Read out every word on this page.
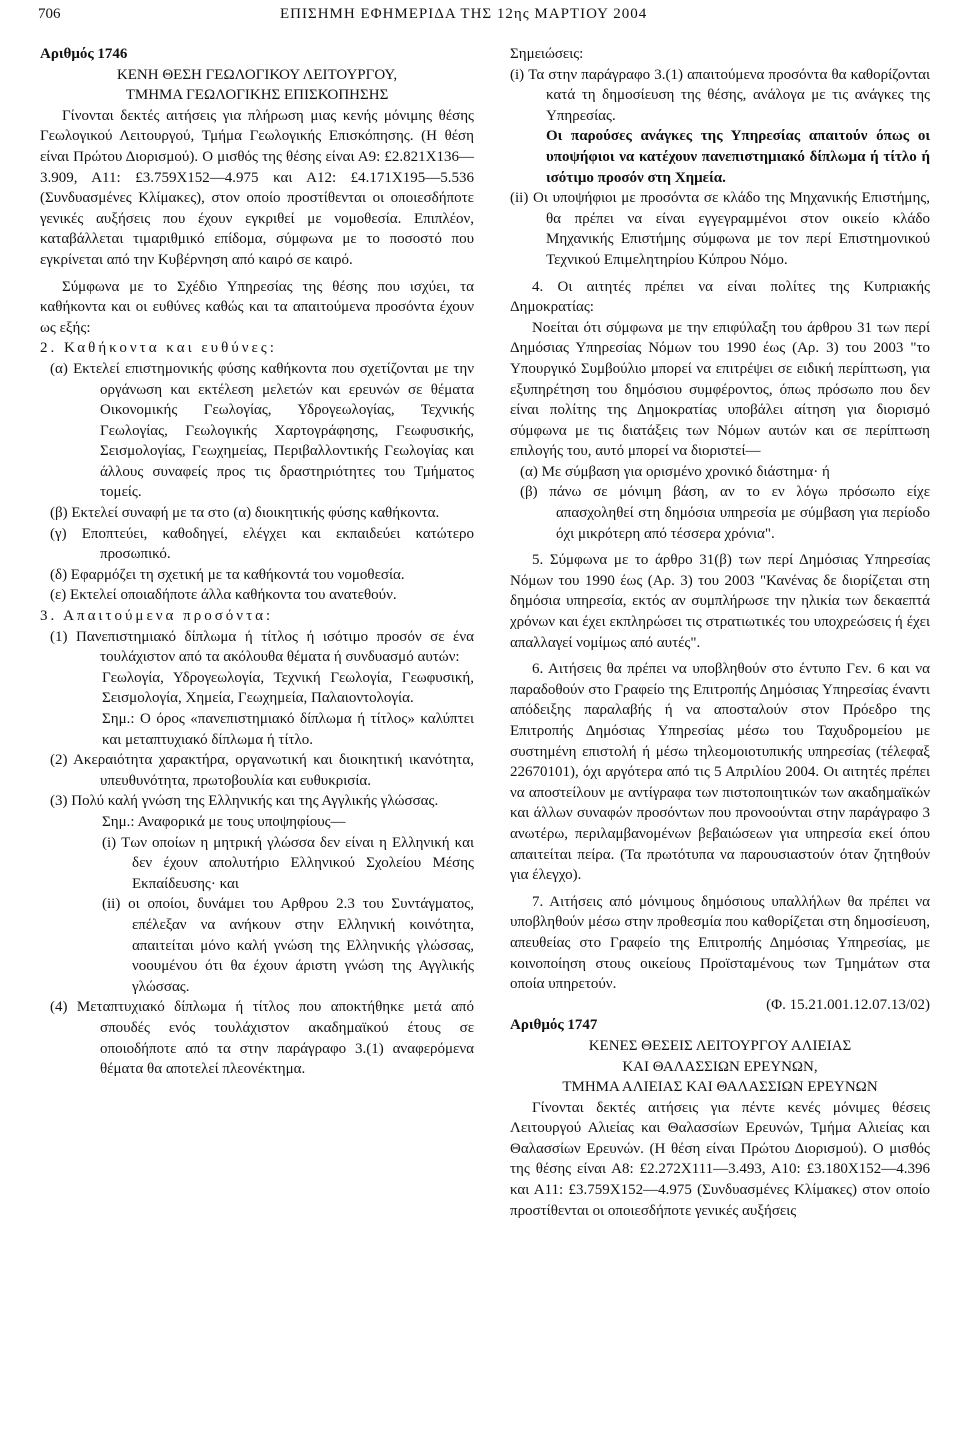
706	ΕΠΙΣΗΜΗ ΕΦΗΜΕΡΙΔΑ ΤΗΣ 12ης ΜΑΡΤΙΟΥ 2004

Αριθμός 1746

ΚΕΝΗ ΘΕΣΗ ΓΕΩΛΟΓΙΚΟΥ ΛΕΙΤΟΥΡΓΟΥ,

ΤΜΗΜΑ ΓΕΩΛΟΓΙΚΗΣ ΕΠΙΣΚΟΠΗΣΗΣ

Γίνονται δεκτές αιτήσεις για πλήρωση μιας κενής μόνιμης θέσης Γεωλογικού Λειτουργού, Τμήμα Γεωλογικής Επισκόπησης. (Η θέση είναι Πρώτου Διορισμού). Ο μισθός της θέσης είναι Α9: £2.821Χ136—3.909, Α11: £3.759Χ152—4.975 και Α12: £4.171Χ195—5.536 (Συνδυασμένες Κλίμακες), στον οποίο προστίθενται οι οποιεσδήποτε γενικές αυξήσεις που έχουν εγκριθεί με νομοθεσία. Επιπλέον, καταβάλλεται τιμαριθμικό επίδομα, σύμφωνα με το ποσοστό που εγκρίνεται από την Κυβέρνηση από καιρό σε καιρό.

Σύμφωνα με το Σχέδιο Υπηρεσίας της θέσης που ισχύει, τα καθήκοντα και οι ευθύνες καθώς και τα απαιτούμενα προσόντα έχουν ως εξής:

2. Καθήκοντα και ευθύνες:

(α) Εκτελεί επιστημονικής φύσης καθήκοντα που σχετίζονται με την οργάνωση και εκτέλεση μελετών και ερευνών σε θέματα Οικονομικής Γεωλογίας, Υδρογεωλογίας, Τεχνικής Γεωλογίας, Γεωλογικής Χαρτογράφησης, Γεωφυσικής, Σεισμολογίας, Γεωχημείας, Περιβαλλοντικής Γεωλογίας και άλλους συναφείς προς τις δραστηριότητες του Τμήματος τομείς.

(β) Εκτελεί συναφή με τα στο (α) διοικητικής φύσης καθήκοντα.

(γ) Εποπτεύει, καθοδηγεί, ελέγχει και εκπαιδεύει κατώτερο προσωπικό.

(δ) Εφαρμόζει τη σχετική με τα καθήκοντά του νομοθεσία.

(ε) Εκτελεί οποιαδήποτε άλλα καθήκοντα του ανατεθούν.

3. Απαιτούμενα προσόντα:

(1) Πανεπιστημιακό δίπλωμα ή τίτλος ή ισότιμο προσόν σε ένα τουλάχιστον από τα ακόλουθα θέματα ή συνδυασμό αυτών:

Γεωλογία, Υδρογεωλογία, Τεχνική Γεωλογία, Γεωφυσική, Σεισμολογία, Χημεία, Γεωχημεία, Παλαιοντολογία.

Σημ.: Ο όρος «πανεπιστημιακό δίπλωμα ή τίτλος» καλύπτει και μεταπτυχιακό δίπλωμα ή τίτλο.

(2) Ακεραιότητα χαρακτήρα, οργανωτική και διοικητική ικανότητα, υπευθυνότητα, πρωτοβουλία και ευθυκρισία.

(3) Πολύ καλή γνώση της Ελληνικής και της Αγγλικής γλώσσας.

Σημ.: Αναφορικά με τους υποψηφίους—

(i) Των οποίων η μητρική γλώσσα δεν είναι η Ελληνική και δεν έχουν απολυτήριο Ελληνικού Σχολείου Μέσης Εκπαίδευσης· και

(ii) οι οποίοι, δυνάμει του Αρθρου 2.3 του Συντάγματος, επέλεξαν να ανήκουν στην Ελληνική κοινότητα, απαιτείται μόνο καλή γνώση της Ελληνικής γλώσσας, νοουμένου ότι θα έχουν άριστη γνώση της Αγγλικής γλώσσας.

(4) Μεταπτυχιακό δίπλωμα ή τίτλος που αποκτήθηκε μετά από σπουδές ενός τουλάχιστον ακαδημαϊκού έτους σε οποιοδήποτε από τα στην παράγραφο 3.(1) αναφερόμενα θέματα θα αποτελεί πλεονέκτημα.

Σημειώσεις:

(i) Τα στην παράγραφο 3.(1) απαιτούμενα προσόντα θα καθορίζονται κατά τη δημοσίευση της θέσης, ανάλογα με τις ανάγκες της Υπηρεσίας.

Οι παρούσες ανάγκες της Υπηρεσίας απαιτούν όπως οι υποψήφιοι να κατέχουν πανεπιστημιακό δίπλωμα ή τίτλο ή ισότιμο προσόν στη Χημεία.

(ii) Οι υποψήφιοι με προσόντα σε κλάδο της Μηχανικής Επιστήμης, θα πρέπει να είναι εγγεγραμμένοι στον οικείο κλάδο Μηχανικής Επιστήμης σύμφωνα με τον περί Επιστημονικού Τεχνικού Επιμελητηρίου Κύπρου Νόμο.

4. Οι αιτητές πρέπει να είναι πολίτες της Κυπριακής Δημοκρατίας:

Νοείται ότι σύμφωνα με την επιφύλαξη του άρθρου 31 των περί Δημόσιας Υπηρεσίας Νόμων του 1990 έως (Αρ. 3) του 2003 "το Υπουργικό Συμβούλιο μπορεί να επιτρέψει σε ειδική περίπτωση, για εξυπηρέτηση του δημόσιου συμφέροντος, όπως πρόσωπο που δεν είναι πολίτης της Δημοκρατίας υποβάλει αίτηση για διορισμό σύμφωνα με τις διατάξεις των Νόμων αυτών και σε περίπτωση επιλογής του, αυτό μπορεί να διοριστεί—

(α) Με σύμβαση για ορισμένο χρονικό διάστημα· ή

(β) πάνω σε μόνιμη βάση, αν το εν λόγω πρόσωπο είχε απασχοληθεί στη δημόσια υπηρεσία με σύμβαση για περίοδο όχι μικρότερη από τέσσερα χρόνια".

5. Σύμφωνα με το άρθρο 31(β) των περί Δημόσιας Υπηρεσίας Νόμων του 1990 έως (Αρ. 3) του 2003 "Κανένας δε διορίζεται στη δημόσια υπηρεσία, εκτός αν συμπλήρωσε την ηλικία των δεκαεπτά χρόνων και έχει εκπληρώσει τις στρατιωτικές του υποχρεώσεις ή έχει απαλλαγεί νομίμως από αυτές".

6. Αιτήσεις θα πρέπει να υποβληθούν στο έντυπο Γεν. 6 και να παραδοθούν στο Γραφείο της Επιτροπής Δημόσιας Υπηρεσίας έναντι απόδειξης παραλαβής ή να αποσταλούν στον Πρόεδρο της Επιτροπής Δημόσιας Υπηρεσίας μέσω του Ταχυδρομείου με συστημένη επιστολή ή μέσω τηλεομοιοτυπικής υπηρεσίας (τέλεφαξ 22670101), όχι αργότερα από τις 5 Απριλίου 2004. Οι αιτητές πρέπει να αποστείλουν με αντίγραφα των πιστοποιητικών των ακαδημαϊκών και άλλων συναφών προσόντων που προνοούνται στην παράγραφο 3 ανωτέρω, περιλαμβανομένων βεβαιώσεων για υπηρεσία εκεί όπου απαιτείται πείρα. (Τα πρωτότυπα να παρουσιαστούν όταν ζητηθούν για έλεγχο).

7. Αιτήσεις από μόνιμους δημόσιους υπαλλήλων θα πρέπει να υποβληθούν μέσω στην προθεσμία που καθορίζεται στη δημοσίευση, απευθείας στο Γραφείο της Επιτροπής Δημόσιας Υπηρεσίας, με κοινοποίηση στους οικείους Προϊσταμένους των Τμημάτων στα οποία υπηρετούν.

(Φ. 15.21.001.12.07.13/02)

Αριθμός 1747

ΚΕΝΕΣ ΘΕΣΕΙΣ ΛΕΙΤΟΥΡΓΟΥ ΑΛΙΕΙΑΣ

ΚΑΙ ΘΑΛΑΣΣΙΩΝ ΕΡΕΥΝΩΝ,

ΤΜΗΜΑ ΑΛΙΕΙΑΣ ΚΑΙ ΘΑΛΑΣΣΙΩΝ ΕΡΕΥΝΩΝ

Γίνονται δεκτές αιτήσεις για πέντε κενές μόνιμες θέσεις Λειτουργού Αλιείας και Θαλασσίων Ερευνών, Τμήμα Αλιείας και Θαλασσίων Ερευνών. (Η θέση είναι Πρώτου Διορισμού). Ο μισθός της θέσης είναι Α8: £2.272Χ111—3.493, Α10: £3.180Χ152—4.396 και Α11: £3.759Χ152—4.975 (Συνδυασμένες Κλίμακες) στον οποίο προστίθενται οι οποιεσδήποτε γενικές αυξήσεις
